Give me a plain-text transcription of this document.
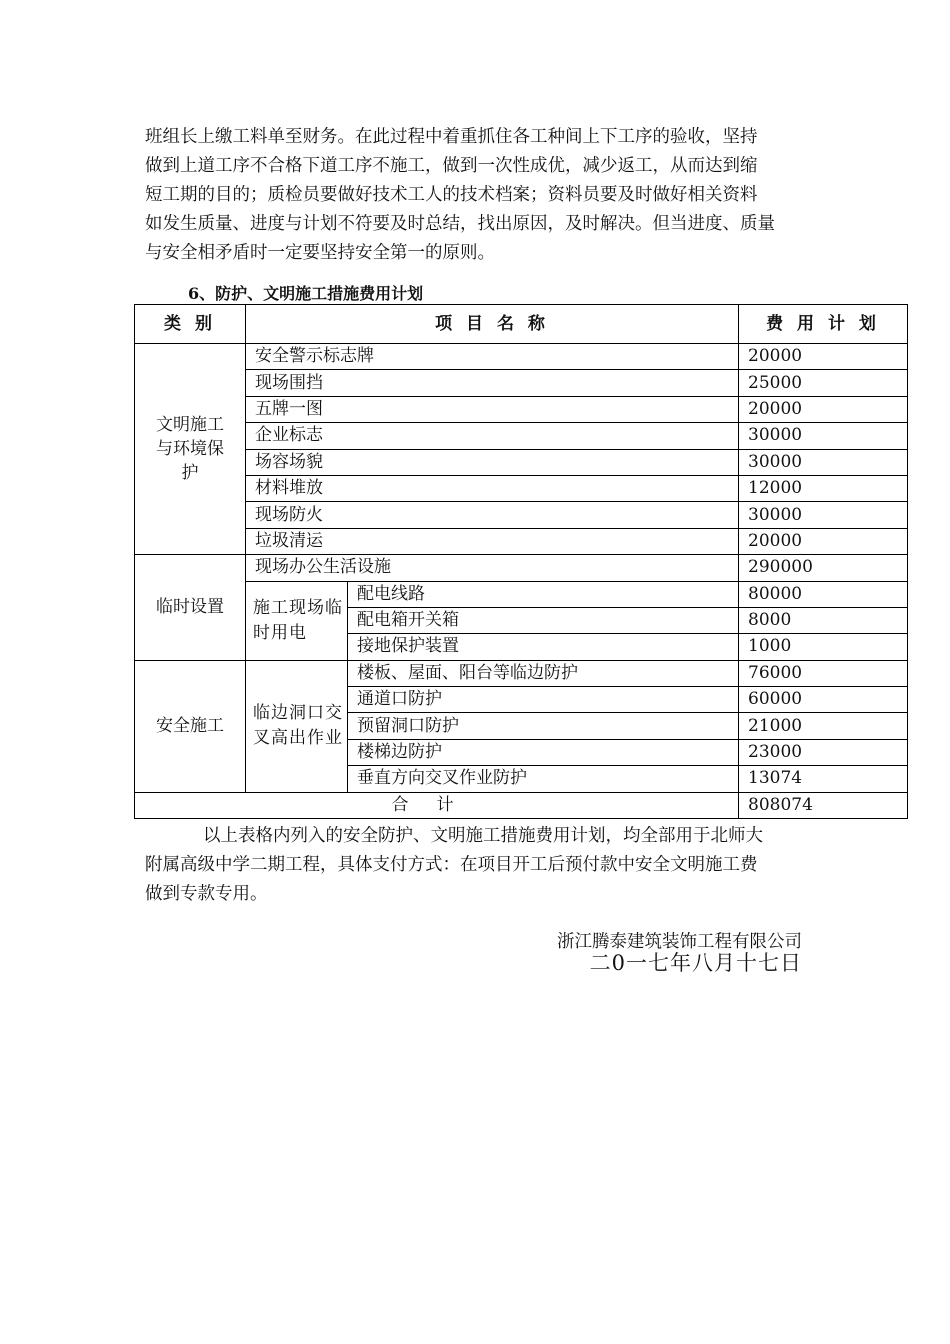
班组长上缴工料单至财务。在此过程中着重抓住各工种间上下工序的验收，坚持
做到上道工序不合格下道工序不施工，做到一次性成优，减少返工，从而达到缩
短工期的目的；质检员要做好技术工人的技术档案；资料员要及时做好相关资料
如发生质量、进度与计划不符要及时总结，找出原因，及时解决。但当进度、质量
与安全相矛盾时一定要坚持安全第一的原则。
6、防护、文明施工措施费用计划
类 别	项 目 名 称		费 用 计 划
文明施工与环境保护	安全警示标志牌		20000
	现场围挡		25000
	五牌一图		20000
	企业标志		30000
	场容场貌		30000
	材料堆放		12000
	现场防火		30000
	垃圾清运		20000
临时设置	现场办公生活设施		290000
	施工现场临时用电	配电线路	80000
		配电箱开关箱	8000
		接地保护装置	1000
安全施工	临边洞口交叉高出作业	楼板、屋面、阳台等临边防护	76000
		通道口防护	60000
		预留洞口防护	21000
		楼梯边防护	23000
		垂直方向交叉作业防护	13074
合计			808074
以上表格内列入的安全防护、文明施工措施费用计划，均全部用于北师大
附属高级中学二期工程，具体支付方式：在项目开工后预付款中安全文明施工费
做到专款专用。
浙江腾泰建筑装饰工程有限公司
二0一七年八月十七日
